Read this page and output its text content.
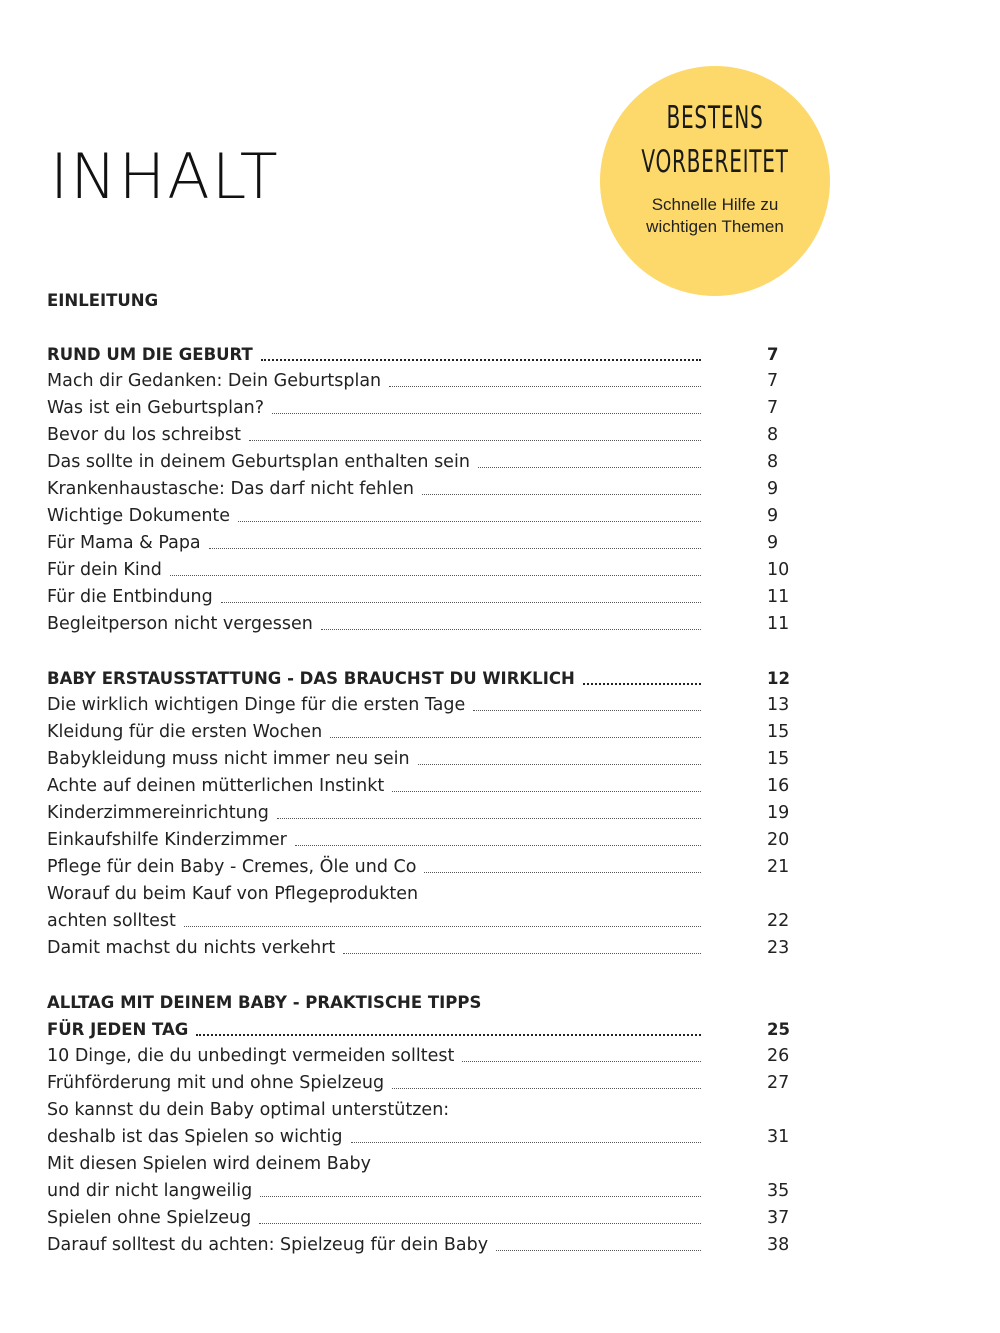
INHALT
BESTENS
VORBEREITET
Schnelle Hilfe zu
wichtigen Themen
EINLEITUNG
RUND UM DIE GEBURT	7
Mach dir Gedanken: Dein Geburtsplan	7
Was ist ein Geburtsplan?	7
Bevor du los schreibst	8
Das sollte in deinem Geburtsplan enthalten sein	8
Krankenhaustasche: Das darf nicht fehlen	9
Wichtige Dokumente	9
Für Mama & Papa	9
Für dein Kind	10
Für die Entbindung	11
Begleitperson nicht vergessen	11
BABY ERSTAUSSTATTUNG - DAS BRAUCHST DU WIRKLICH	12
Die wirklich wichtigen Dinge für die ersten Tage	13
Kleidung für die ersten Wochen	15
Babykleidung muss nicht immer neu sein	15
Achte auf deinen mütterlichen Instinkt	16
Kinderzimmereinrichtung	19
Einkaufshilfe Kinderzimmer	20
Pflege für dein Baby - Cremes, Öle und Co	21
Worauf du beim Kauf von Pflegeprodukten
achten solltest	22
Damit machst du nichts verkehrt	23
ALLTAG MIT DEINEM BABY - PRAKTISCHE TIPPS
FÜR JEDEN TAG	25
10 Dinge, die du unbedingt vermeiden solltest	26
Frühförderung mit und ohne Spielzeug	27
So kannst du dein Baby optimal unterstützen:
deshalb ist das Spielen so wichtig	31
Mit diesen Spielen wird deinem Baby
und dir nicht langweilig	35
Spielen ohne Spielzeug	37
Darauf solltest du achten: Spielzeug für dein Baby	38
